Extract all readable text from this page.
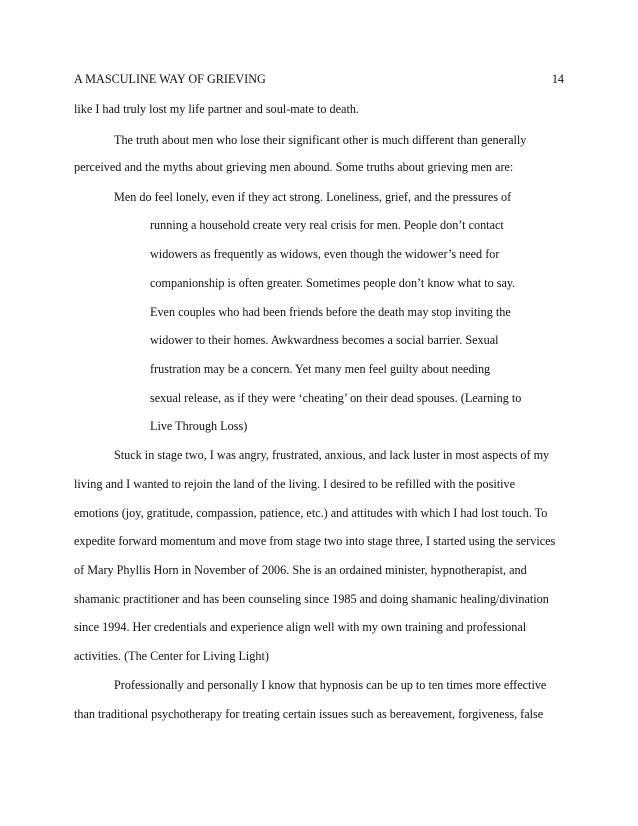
A MASCULINE WAY OF GRIEVING	14
like I had truly lost my life partner and soul-mate to death.
The truth about men who lose their significant other is much different than generally
perceived and the myths about grieving men abound. Some truths about grieving men are:
Men do feel lonely, even if they act strong. Loneliness, grief, and the pressures of
running a household create very real crisis for men. People don’t contact
widowers as frequently as widows, even though the widower’s need for
companionship is often greater. Sometimes people don’t know what to say.
Even couples who had been friends before the death may stop inviting the
widower to their homes. Awkwardness becomes a social barrier. Sexual
frustration may be a concern. Yet many men feel guilty about needing
sexual release, as if they were ‘cheating’ on their dead spouses. (Learning to
Live Through Loss)
Stuck in stage two, I was angry, frustrated, anxious, and lack luster in most aspects of my
living and I wanted to rejoin the land of the living. I desired to be refilled with the positive
emotions (joy, gratitude, compassion, patience, etc.) and attitudes with which I had lost touch. To
expedite forward momentum and move from stage two into stage three, I started using the services
of Mary Phyllis Horn in November of 2006. She is an ordained minister, hypnotherapist, and
shamanic practitioner and has been counseling since 1985 and doing shamanic healing/divination
since 1994. Her credentials and experience align well with my own training and professional
activities. (The Center for Living Light)
Professionally and personally I know that hypnosis can be up to ten times more effective
than traditional psychotherapy for treating certain issues such as bereavement, forgiveness, false
